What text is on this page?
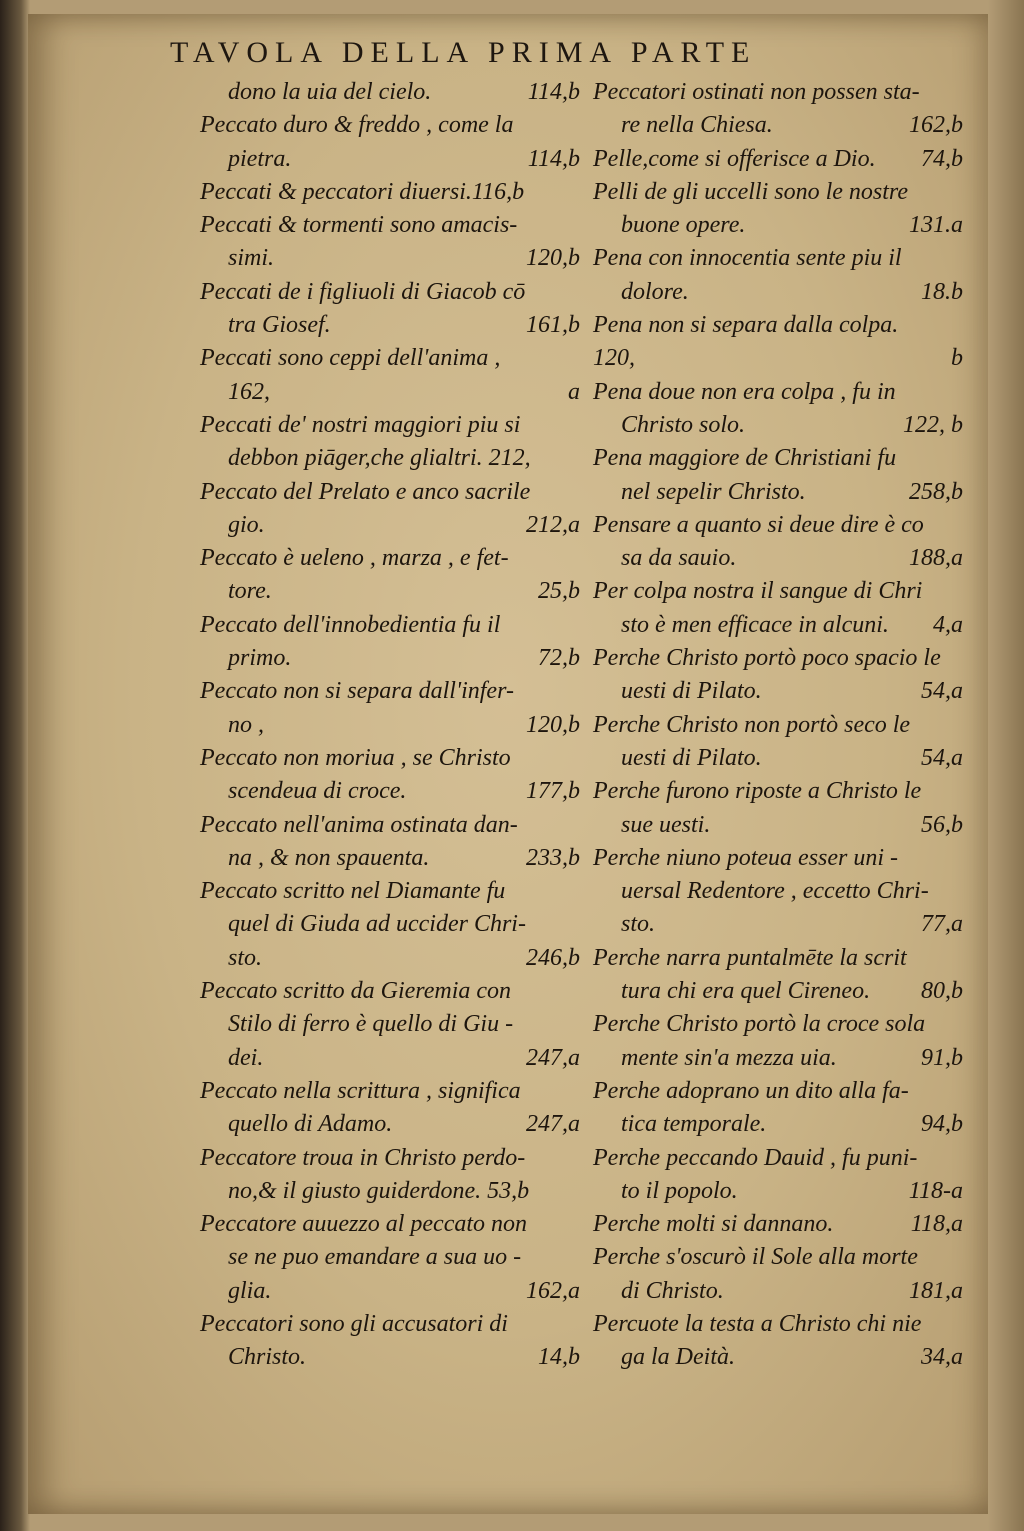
TAVOLA DELLA PRIMA PARTE
dono la uia del cielo.	114,b
Peccato duro & freddo , come la
pietra.	114,b
Peccati & peccatori diuersi.116,b
Peccati & tormenti sono amacis-
simi.	120,b
Peccati de i figliuoli di Giacob cō
tra Giosef.	161,b
Peccati sono ceppi dell'anima ,
162,	a
Peccati de' nostri maggiori piu si
debbon piāger,che glialtri. 212,
Peccato del Prelato e anco sacrile
gio.	212,a
Peccato è ueleno , marza , e fet-
tore.	25,b
Peccato dell'innobedientia fu il
primo.	72,b
Peccato non si separa dall'infer-
no ,	120,b
Peccato non moriua , se Christo
scendeua di croce.	177,b
Peccato nell'anima ostinata dan-
na , & non spauenta.	233,b
Peccato scritto nel Diamante fu
quel di Giuda ad uccider Chri-
sto.	246,b
Peccato scritto da Gieremia con
Stilo di ferro è quello di Giu -
dei.	247,a
Peccato nella scrittura , significa
quello di Adamo.	247,a
Peccatore troua in Christo perdo-
no,& il giusto guiderdone. 53,b
Peccatore auuezzo al peccato non
se ne puo emandare a sua uo -
glia.	162,a
Peccatori sono gli accusatori di
Christo.	14,b
Peccatori ostinati non possen sta-
re nella Chiesa.	162,b
Pelle,come si offerisce a Dio. 74,b
Pelli de gli uccelli sono le nostre
buone opere.	131.a
Pena con innocentia sente piu il
dolore.	18.b
Pena non si separa dalla colpa.
120,	b
Pena doue non era colpa , fu in
Christo solo.	122, b
Pena maggiore de Christiani fu
nel sepelir Christo.	258,b
Pensare a quanto si deue dire è co
sa da sauio.	188,a
Per colpa nostra il sangue di Chri
sto è men efficace in alcuni. 4,a
Perche Christo portò poco spacio le
uesti di Pilato.	54,a
Perche Christo non portò seco le
uesti di Pilato.	54,a
Perche furono riposte a Christo le
sue uesti.	56,b
Perche niuno poteua esser uni -
uersal Redentore , eccetto Chri-
sto.	77,a
Perche narra puntalmēte la scrit
tura chi era quel Cireneo. 80,b
Perche Christo portò la croce sola
mente sin'a mezza uia.	91,b
Perche adoprano un dito alla fa-
tica temporale.	94,b
Perche peccando Dauid , fu puni-
to il popolo.	118-a
Perche molti si dannano.	118,a
Perche s'oscurò il Sole alla morte
di Christo.	181,a
Percuote la testa a Christo chi nie
ga la Deità.	34,a
